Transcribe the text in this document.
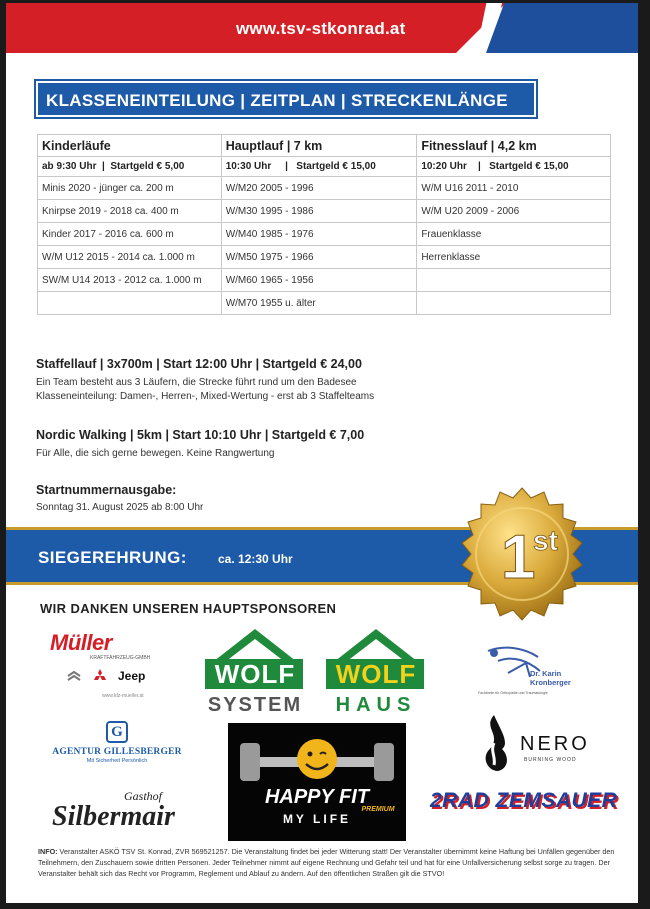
www.tsv-stkonrad.at
KLASSENEINTEILUNG | ZEITPLAN | STRECKENLÄNGE
Kinderläufe	Hauptlauf | 7 km	Fitnesslauf | 4,2 km
ab 9:30 Uhr  |  Startgeld € 5,00	10:30 Uhr     |   Startgeld € 15,00	10:20 Uhr    |   Startgeld € 15,00
Minis 2020 - jünger ca. 200 m	W/M20 2005 - 1996	W/M U16 2011 - 2010
Knirpse 2019 - 2018 ca. 400 m	W/M30 1995 - 1986	W/M U20 2009 - 2006
Kinder 2017 - 2016 ca. 600 m	W/M40 1985 - 1976	Frauenklasse
W/M U12 2015 - 2014 ca. 1.000 m	W/M50 1975 - 1966	Herrenklasse
SW/M U14 2013 - 2012 ca. 1.000 m	W/M60 1965 - 1956	
	W/M70 1955 u. älter	
Staffellauf | 3x700m | Start 12:00 Uhr | Startgeld € 24,00
Ein Team besteht aus 3 Läufern, die Strecke führt rund um den Badesee
Klasseneinteilung: Damen-, Herren-, Mixed-Wertung - erst ab 3 Staffelteams
Nordic Walking | 5km | Start 10:10 Uhr | Startgeld € 7,00
Für Alle, die sich gerne bewegen. Keine Rangwertung
Startnummernausgabe:
Sonntag 31. August 2025 ab 8:00 Uhr
SIEGEREHRUNG:	ca. 12:30 Uhr	1
st
WIR DANKEN UNSEREN HAUPTSPONSOREN
Müller
KRAFTFAHRZEUG-GMBH
Jeep
www.kfz-mueller.at
WOLF
SYSTEM
WOLF
HAUS
Dr. Karin Kronberger
Fachärztin für Orthopädie und Traumatologie
G
AGENTUR GILLESBERGER
Mit Sicherheit Persönlich
HAPPY FIT
PREMIUM
MY LIFE
NERO
BURNING WOOD
Gasthof
Silbermair
2RAD ZEMSAUER
INFO: Veranstalter ASKÖ TSV St. Konrad, ZVR 569521257. Die Veranstaltung findet bei jeder Witterung statt! Der Veranstalter übernimmt keine Haftung bei Unfällen gegenüber den Teilnehmern, den Zuschauern sowie dritten Personen. Jeder Teilnehmer nimmt auf eigene Rechnung und Gefahr teil und hat für eine Unfallversicherung selbst sorge zu tragen. Der Veranstalter behält sich das Recht vor Programm, Reglement und Ablauf zu ändern. Auf den öffentlichen Straßen gilt die STVO!
